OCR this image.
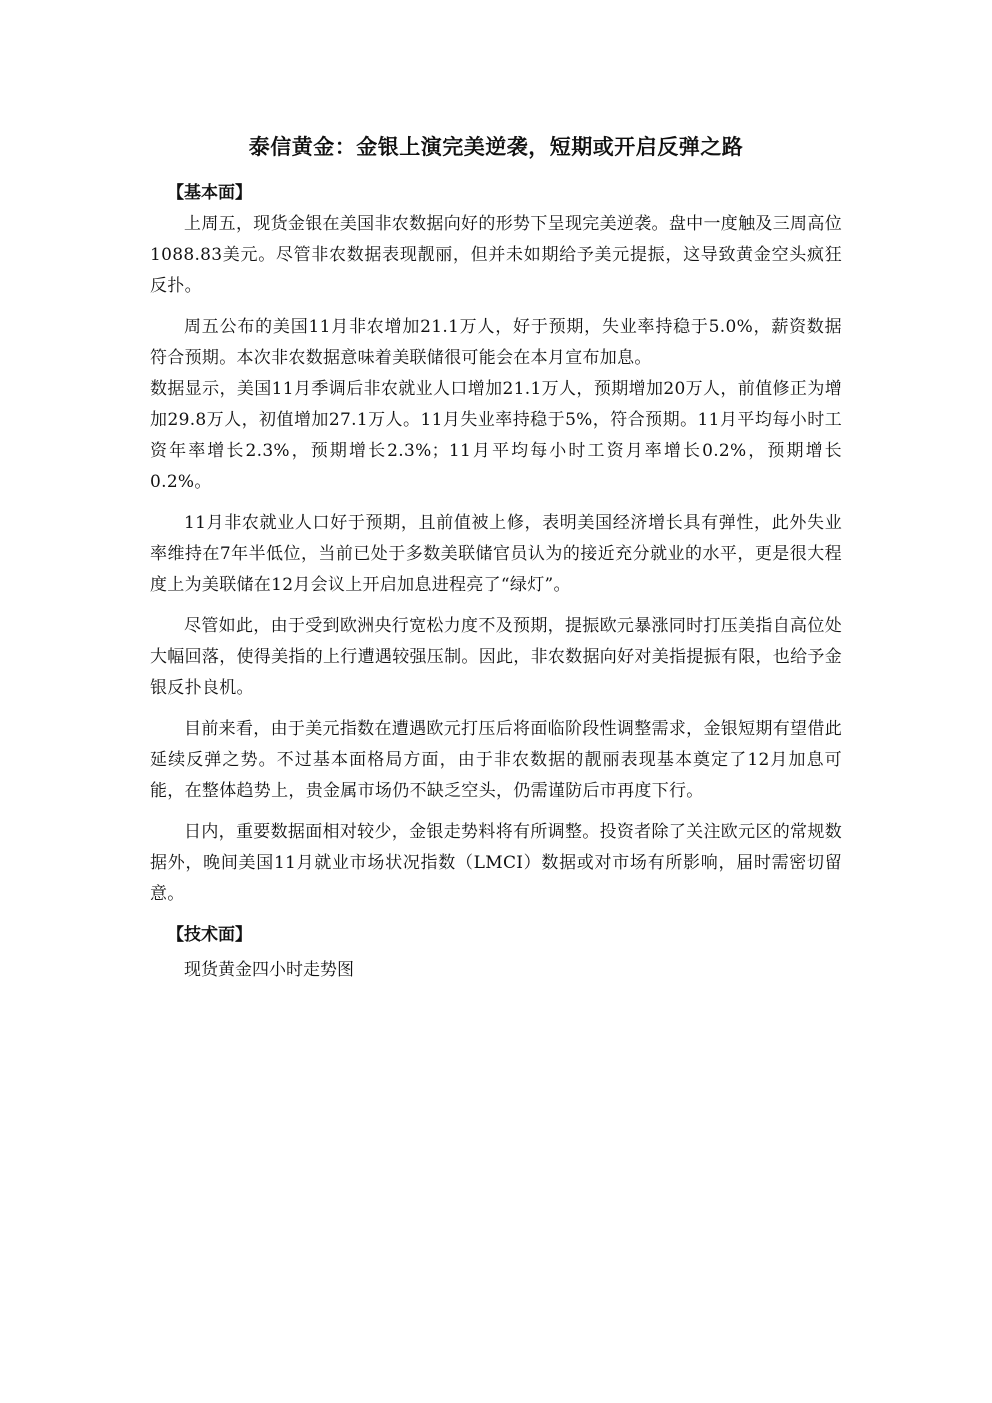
泰信黄金：金银上演完美逆袭，短期或开启反弹之路
【基本面】

上周五，现货金银在美国非农数据向好的形势下呈现完美逆袭。盘中一度触及三周高位1088.83美元。尽管非农数据表现靓丽，但并未如期给予美元提振，这导致黄金空头疯狂反扑。

周五公布的美国11月非农增加21.1万人，好于预期，失业率持稳于5.0%，薪资数据符合预期。本次非农数据意味着美联储很可能会在本月宣布加息。

数据显示，美国11月季调后非农就业人口增加21.1万人，预期增加20万人，前值修正为增加29.8万人，初值增加27.1万人。11月失业率持稳于5%，符合预期。11月平均每小时工资年率增长2.3%，预期增长2.3%；11月平均每小时工资月率增长0.2%，预期增长0.2%。

11月非农就业人口好于预期，且前值被上修，表明美国经济增长具有弹性，此外失业率维持在7年半低位，当前已处于多数美联储官员认为的接近充分就业的水平，更是很大程度上为美联储在12月会议上开启加息进程亮了“绿灯”。

尽管如此，由于受到欧洲央行宽松力度不及预期，提振欧元暴涨同时打压美指自高位处大幅回落，使得美指的上行遭遇较强压制。因此，非农数据向好对美指提振有限，也给予金银反扑良机。

目前来看，由于美元指数在遭遇欧元打压后将面临阶段性调整需求，金银短期有望借此延续反弹之势。不过基本面格局方面，由于非农数据的靓丽表现基本奠定了12月加息可能，在整体趋势上，贵金属市场仍不缺乏空头，仍需谨防后市再度下行。

日内，重要数据面相对较少，金银走势料将有所调整。投资者除了关注欧元区的常规数据外，晚间美国11月就业市场状况指数（LMCI）数据或对市场有所影响，届时需密切留意。

【技术面】

现货黄金四小时走势图
